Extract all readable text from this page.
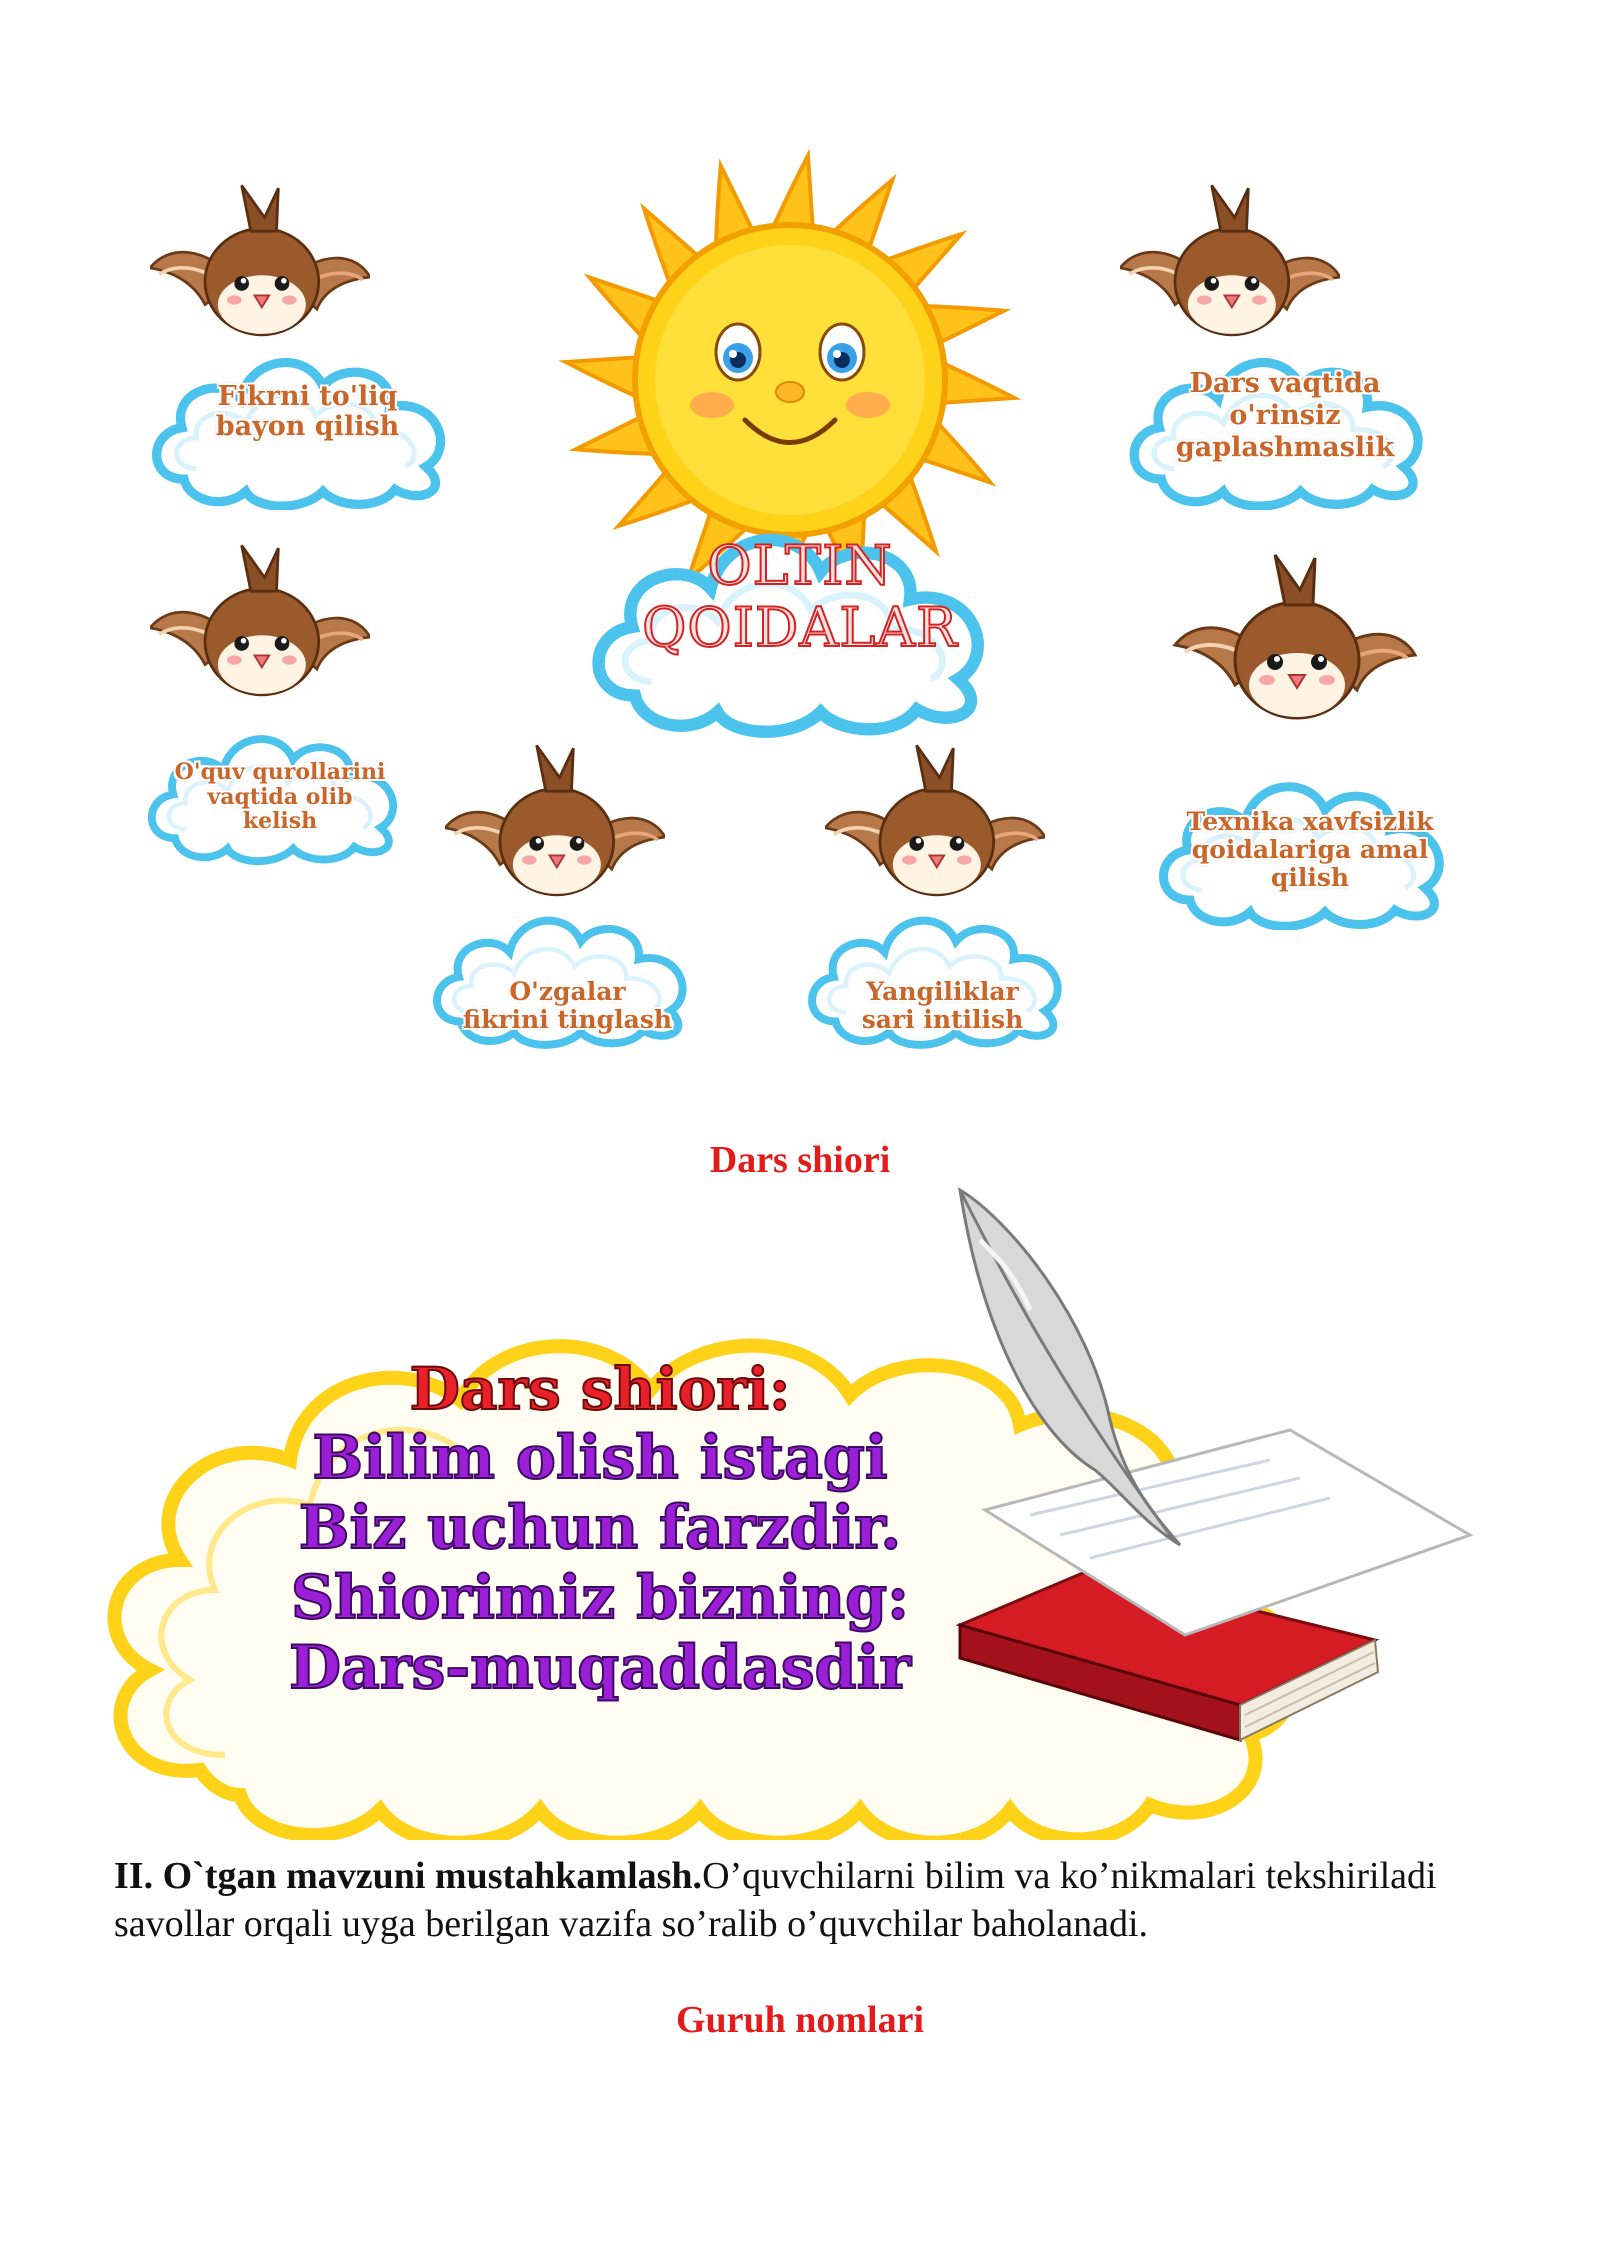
OLTIN
QOIDALAR
Fikrni to'liq
bayon qilish
Dars vaqtida
o'rinsiz
gaplashmaslik
O'quv qurollarini
vaqtida olib
kelish	Texnika xavfsizlik
qoidalariga amal
qilish
O'zgalar
fikrini tinglash
Yangiliklar
sari intilish
Dars shiori
Dars shiori:
Bilim olish istagi
Biz uchun farzdir.
Shiorimiz bizning:
Dars-muqaddasdir
II. O`tgan mavzuni mustahkamlash.O’quvchilarni bilim va ko’nikmalari tekshiriladi savollar orqali uyga berilgan vazifa so’ralib o’quvchilar baholanadi.
Guruh nomlari
